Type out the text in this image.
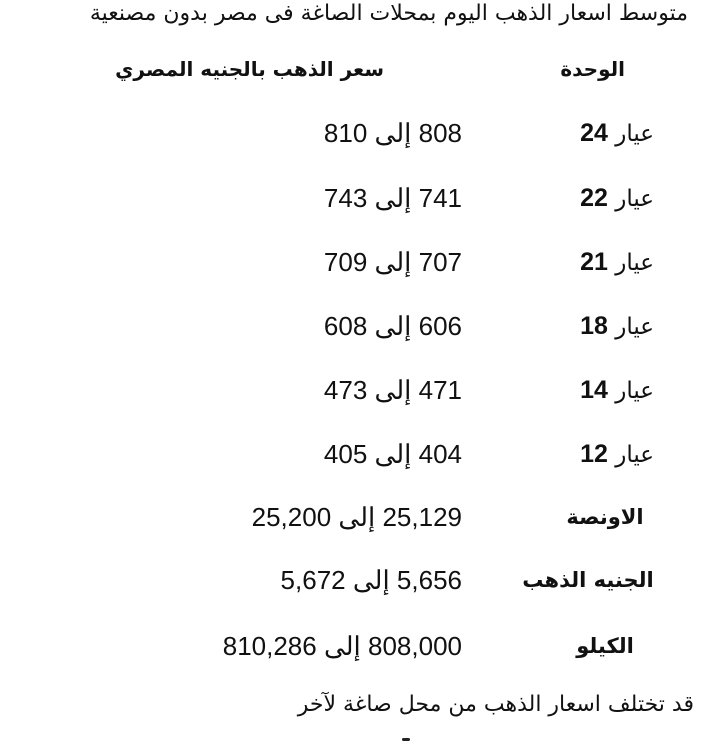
متوسط اسعار الذهب اليوم بمحلات الصاغة فى مصر بدون مصنعية
الوحدة
سعر الذهب بالجنيه المصري
عيار 24
808 إلى 810
عيار 22
741 إلى 743
عيار 21
707 إلى 709
عيار 18
606 إلى 608
عيار 14
471 إلى 473
عيار 12
404 إلى 405
الاونصة
25,129 إلى 25,200
الجنيه الذهب
5,656 إلى 5,672
الكيلو
808,000 إلى 810,286
قد تختلف اسعار الذهب من محل صاغة لآخر
